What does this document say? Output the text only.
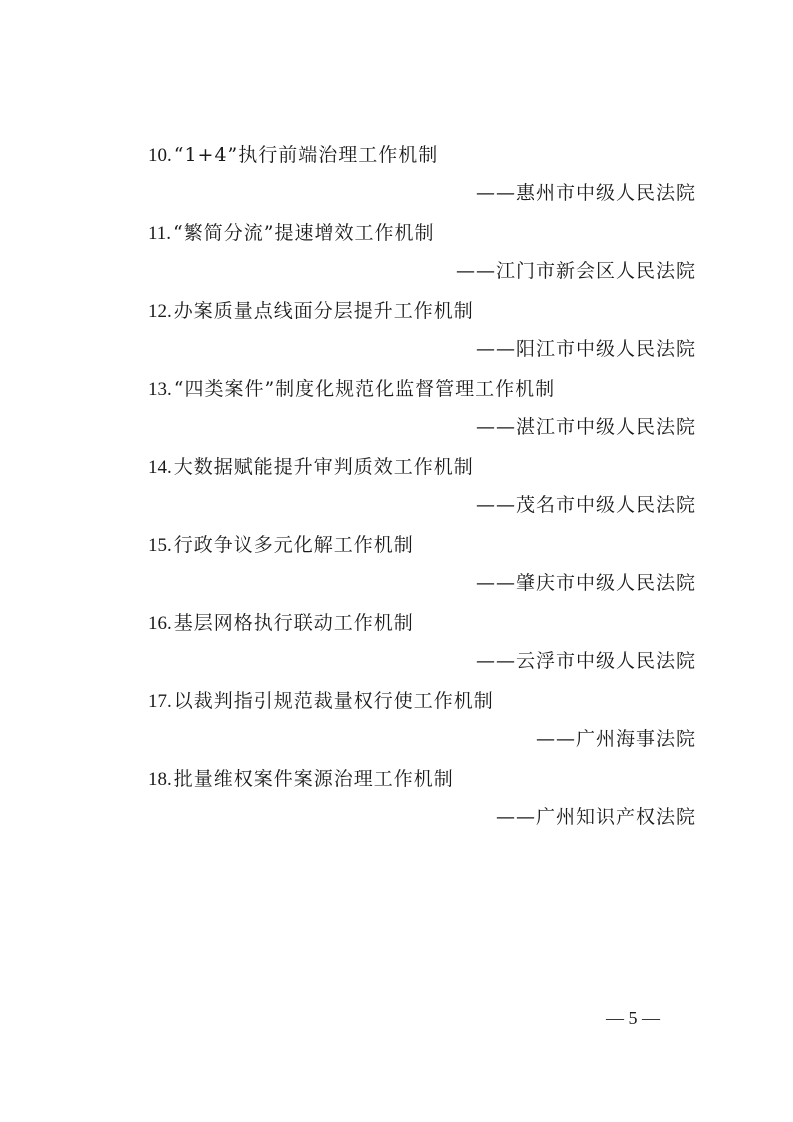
10. “1+4”执行前端治理工作机制
——惠州市中级人民法院
11. “繁简分流”提速增效工作机制
——江门市新会区人民法院
12. 办案质量点线面分层提升工作机制
——阳江市中级人民法院
13. “四类案件”制度化规范化监督管理工作机制
——湛江市中级人民法院
14. 大数据赋能提升审判质效工作机制
——茂名市中级人民法院
15. 行政争议多元化解工作机制
——肇庆市中级人民法院
16. 基层网格执行联动工作机制
——云浮市中级人民法院
17. 以裁判指引规范裁量权行使工作机制
——广州海事法院
18. 批量维权案件案源治理工作机制
——广州知识产权法院
— 5 —
